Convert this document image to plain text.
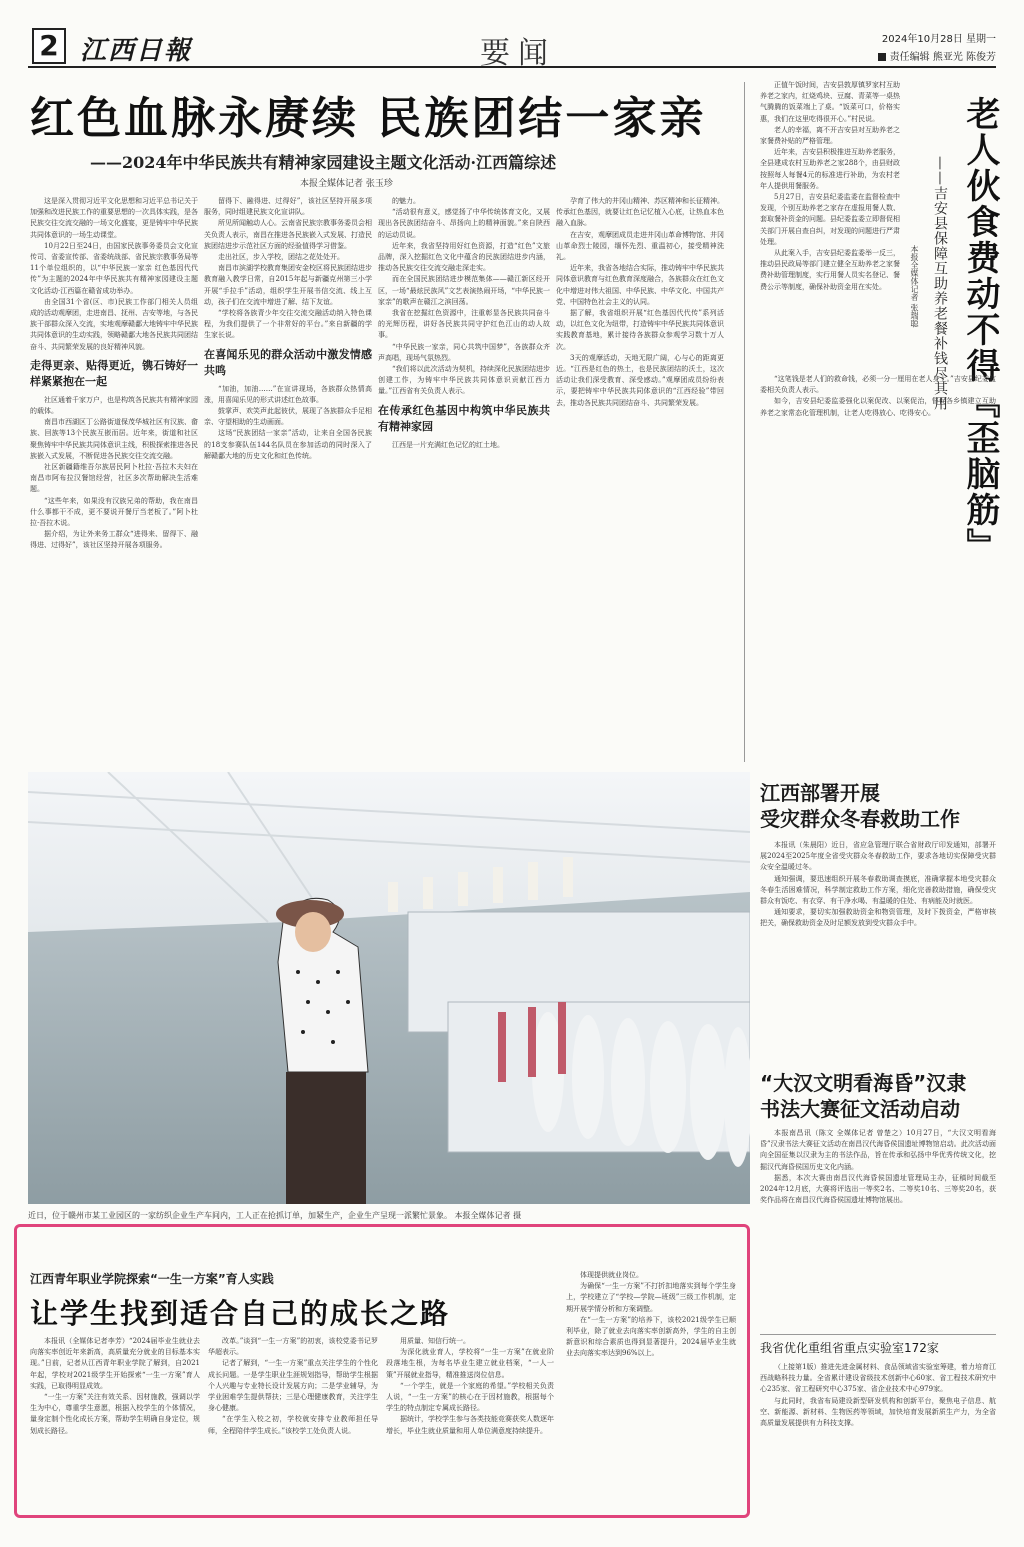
2 江西日報	要闻	2024年10月28日 星期一
责任编辑 熊亚光 陈俊芳
红色血脉永赓续 民族团结一家亲
——2024年中华民族共有精神家园建设主题文化活动·江西篇综述
本报全媒体记者 张玉珍

这是深入贯彻习近平文化思想和习近平总书记关于加强和改进民族工作的重要思想的一次具体实践，是各民族交往交流交融的一场文化盛宴，更是铸牢中华民族共同体意识的一场生动课堂。

10月22日至24日，由国家民族事务委员会文化宣传司、省委宣传部、省委统战部、省民族宗教事务局等11个单位组织的，以“中华民族一家亲 红色基因代代传”为主题的2024年中华民族共有精神家园建设主题文化活动·江西篇在赣省成功举办。

由全国31个省(区、市)民族工作部门相关人员组成的活动观摩团，走进南昌、抚州、吉安等地，与各民族干部群众深入交流，实地观摩赣鄱大地铸牢中华民族共同体意识的生动实践，领略赣鄱大地各民族共同团结奋斗、共同繁荣发展的良好精神风貌。

走得更亲、贴得更近，镌石铸好一样紧紧抱在一起

社区通着千家万户，也是构筑各民族共有精神家园的载体。

南昌市西湖区丁公路街道保茂华城社区有汉族、畲族、回族等13个民族互嵌而居。近年来，街道和社区聚焦铸牢中华民族共同体意识主线，积极探索推进各民族嵌入式发展，不断促进各民族交往交流交融。

社区新疆籍维吾尔族居民阿卜杜拉·吾拉木夫妇在南昌市阿布拉汉餐馆经营，社区多次帮助解决生活难题。

“这些年来，如果没有汉族兄弟的帮助，我在南昌什么事都干不成，更不要说开餐厅当老板了。”阿卜杜拉·吾拉木说。

据介绍，为让外来务工群众“进得来、留得下、融得进、过得好”，该社区坚持开展各项服务。

留得下、融得进、过得好”，该社区坚持开展多项服务，同时组建民族文化宣讲队。

所见所闻触动人心。云南省民族宗教事务委员会相关负责人表示，南昌在推进各民族嵌入式发展、打造民族团结进步示范社区方面的经验值得学习借鉴。

走出社区，步入学校，团结之花处处开。

南昌市滨湖学校教育集团安金校区将民族团结进步教育融入教学日常，自2015年起与新疆克州第三小学开展“手拉手”活动，组织学生开展书信交流、线上互动，孩子们在交流中增进了解、结下友谊。

“学校将各族青少年交往交流交融活动纳入特色课程，为我们提供了一个非常好的平台。”来自新疆的学生家长说。

在喜闻乐见的群众活动中激发情感共鸣

“加油，加油……”在宣讲现场，各族群众热情高涨，用喜闻乐见的形式讲述红色故事。

鼓掌声、欢笑声此起彼伏，展现了各族群众手足相亲、守望相助的生动画面。

这场“民族团结一家亲”活动，让来自全国各民族的18支参赛队伍144名队员在参加活动的同时深入了解赣鄱大地的历史文化和红色传统。

的魅力。

“活动很有意义，感觉扬了中华传统体育文化，又展现出各民族团结奋斗、昂扬向上的精神面貌。”来自陕西的运动员说。

近年来，我省坚持用好红色资源，打造“红色”文旅品牌，深入挖掘红色文化中蕴含的民族团结进步内涵，推动各民族交往交流交融走深走实。

而在全国民族团结进步模范集体——赣江新区经开区，一场“最炫民族风”文艺表演热闹开场，“中华民族一家亲”的歌声在赣江之滨回荡。

我省在挖掘红色资源中，注重彰显各民族共同奋斗的光辉历程，讲好各民族共同守护红色江山的动人故事。

“中华民族一家亲，同心共筑中国梦”，各族群众齐声高唱，现场气氛热烈。

“我们将以此次活动为契机，持续深化民族团结进步创建工作，为铸牢中华民族共同体意识贡献江西力量。”江西省有关负责人表示。

在传承红色基因中构筑中华民族共有精神家园

江西是一片充满红色记忆的红土地。

孕育了伟大的井冈山精神、苏区精神和长征精神。传承红色基因，就要让红色记忆植入心底，让热血本色融入血脉。

在吉安，观摩团成员走进井冈山革命博物馆、井冈山革命烈士陵园，缅怀先烈、重温初心，接受精神洗礼。

近年来，我省各地结合实际，推动铸牢中华民族共同体意识教育与红色教育深度融合，各族群众在红色文化中增进对伟大祖国、中华民族、中华文化、中国共产党、中国特色社会主义的认同。

据了解，我省组织开展“红色基因代代传”系列活动，以红色文化为纽带，打造铸牢中华民族共同体意识实践教育基地，累计接待各族群众参观学习数十万人次。

3天的观摩活动，天地无限广阔，心与心的距离更近。“江西是红色的热土，也是民族团结的沃土，这次活动让我们深受教育、深受感动。”观摩团成员纷纷表示，要把铸牢中华民族共同体意识的“江西经验”带回去，推动各民族共同团结奋斗、共同繁荣发展。	老人伙食费动不得『歪脑筋』
——吉安县保障互助养老餐补钱尽其用
本报全媒体记者 张瑞聪

正值午饭时间，吉安县敦厚镇罗家村互助养老之家内，红烧鸡块、豆腐、青菜等一桌热气腾腾的饭菜端上了桌。“饭菜可口，价格实惠，我们在这里吃得很开心。”村民说。

老人的幸福，离不开吉安县对互助养老之家餐费补贴的严格管理。

近年来，吉安县积极推进互助养老服务，全县建成农村互助养老之家288个，由县财政按照每人每餐4元的标准进行补助，为农村老年人提供用餐服务。

5月27日，吉安县纪委监委在监督检查中发现，个别互助养老之家存在虚报用餐人数、套取餐补资金的问题。县纪委监委立即督促相关部门开展自查自纠，对发现的问题进行严肃处理。

从此案入手，吉安县纪委监委举一反三，推动县民政局等部门建立健全互助养老之家餐费补助管理制度，实行用餐人员实名登记、餐费公示等制度，确保补助资金用在实处。

“这笔钱是老人们的救命钱，必须一分一厘用在老人身上。”吉安县纪委监委相关负责人表示。

如今，吉安县纪委监委强化以案促改、以案促治，督促各乡镇建立互助养老之家常态化管理机制，让老人吃得放心、吃得安心。

近日，位于赣州市某工业园区的一家纺织企业生产车间内，工人正在抢抓订单，加紧生产，企业生产呈现一派繁忙景象。 本报全媒体记者 摄
江西部署开展
受灾群众冬春救助工作

本报讯（朱晨阳）近日，省应急管理厅联合省财政厅印发通知，部署开展2024至2025年度全省受灾群众冬春救助工作，要求各地切实保障受灾群众安全温暖过冬。

通知强调，要迅速组织开展冬春救助调查摸底，准确掌握本地受灾群众冬春生活困难情况，科学制定救助工作方案，细化完善救助措施，确保受灾群众有饭吃、有衣穿、有干净水喝、有温暖的住处、有病能及时就医。

通知要求，要切实加强救助资金和物资管理，及时下拨资金，严格审核把关，确保救助资金及时足额发放到受灾群众手中。

“大汉文明看海昏”汉隶
书法大赛征文活动启动

本报南昌讯（陈文 全媒体记者 曾楚之）10月27日，“大汉文明看海昏”汉隶书法大赛征文活动在南昌汉代海昏侯国遗址博物馆启动。此次活动面向全国征集以汉隶为主的书法作品，旨在传承和弘扬中华优秀传统文化，挖掘汉代海昏侯国历史文化内涵。

据悉，本次大赛由南昌汉代海昏侯国遗址管理局主办，征稿时间截至2024年12月底，大赛将评选出一等奖2名、二等奖10名、三等奖20名，获奖作品将在南昌汉代海昏侯国遗址博物馆展出。

我省优化重组省重点实验室172家

（上接第1版）推进先进金属材料、食品领域省实验室筹建，着力培育江西战略科技力量。全省累计建设省级技术创新中心60家、省工程技术研究中心235家、省工程研究中心375家、省企业技术中心979家。

与此同时，我省布局建设新型研发机构和创新平台，聚焦电子信息、航空、新能源、新材料、生物医药等领域，加快培育发展新质生产力，为全省高质量发展提供有力科技支撑。

江西青年职业学院探索“一生一方案”育人实践
让学生找到适合自己的成长之路

本报讯（全媒体记者李芳）“2024届毕业生就业去向落实率创近年来新高，高质量充分就业的目标基本实现。”日前，记者从江西青年职业学院了解到，自2021年起，学校对2021级学生开始探索“一生一方案”育人实践，已取得明显成效。

“一生一方案”关注有效关系、因材施教，强调以学生为中心，尊重学生意愿，根据入校学生的个体情况，量身定制个性化成长方案，帮助学生明确自身定位，规划成长路径。

改革。”谈到“一生一方案”的初衷，该校党委书记罗华超表示。

记者了解到，“一生一方案”重点关注学生的个性化成长问题。一是学生职业生涯规划指导，帮助学生根据个人兴趣与专业特长设计发展方向；二是学业辅导，为学业困难学生提供帮扶；三是心理健康教育，关注学生身心健康。

“在学生入校之初，学校就安排专业教师担任导师，全程陪伴学生成长。”该校学工处负责人说。

用质量、知信行统一。

为深化就业育人，学校将“一生一方案”在就业阶段落地生根，为每名毕业生建立就业档案，“一人一策”开展就业指导，精准推送岗位信息。

“一个学生，就是一个家庭的希望。”学校相关负责人说，“一生一方案”的核心在于因材施教，根据每个学生的特点制定专属成长路径。

据统计，学校学生参与各类技能竞赛获奖人数逐年增长，毕业生就业质量和用人单位满意度持续提升。

体现提供就业岗位。

为确保“一生一方案”不打折扣地落实到每个学生身上，学校建立了“学校—学院—班级”三级工作机制，定期开展学情分析和方案调整。

在“一生一方案”的培养下，该校2021级学生已顺利毕业，除了就业去向落实率创新高外，学生的自主创新意识和综合素质也得到显著提升，2024届毕业生就业去向落实率达到96%以上。
